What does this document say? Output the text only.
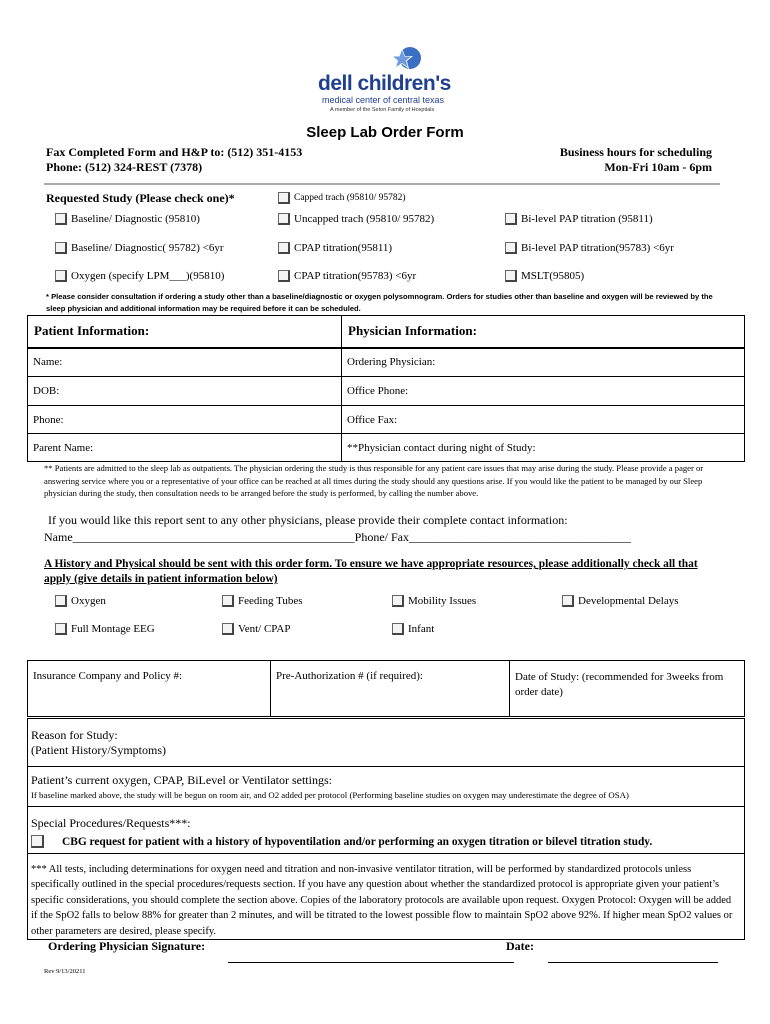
dell children's
medical center of central texas
A member of the Seton Family of Hospitals
Sleep Lab Order Form
Fax Completed Form and H&P to: (512) 351-4153
Phone: (512) 324-REST (7378)
Business hours for scheduling
Mon-Fri 10am - 6pm
Requested Study (Please check one)*	Capped trach (95810/ 95782)
Baseline/ Diagnostic (95810)	Uncapped trach (95810/ 95782)	Bi-level PAP titration (95811)
Baseline/ Diagnostic( 95782) <6yr	CPAP titration(95811)	Bi-level PAP titration(95783) <6yr
Oxygen (specify LPM___)(95810)	CPAP titration(95783) <6yr	MSLT(95805)
* Please consider consultation if ordering a study other than a baseline/diagnostic or oxygen polysomnogram. Orders for studies other than baseline and oxygen will be reviewed by the sleep physician and additional information may be required before it can be scheduled.
Patient Information:	Physician Information:
Name:	Ordering Physician:
DOB:	Office Phone:
Phone:	Office Fax:
Parent Name:	**Physician contact during night of Study:
** Patients are admitted to the sleep lab as outpatients. The physician ordering the study is thus responsible for any patient care issues that may arise during the study. Please provide a pager or answering service where you or a representative of your office can be reached at all times during the study should any questions arise. If you would like the patient to be managed by our Sleep physician during the study, then consultation needs to be arranged before the study is performed, by calling the number above.
If you would like this report sent to any other physicians, please provide their complete contact information:
Name_______________________________________________Phone/ Fax_____________________________________
A History and Physical should be sent with this order form. To ensure we have appropriate resources, please additionally check all that apply (give details in patient information below)
Oxygen	Feeding Tubes	Mobility Issues	Developmental Delays
Full Montage EEG	Vent/ CPAP	Infant
Insurance Company and Policy #:	Pre-Authorization # (if required):	Date of Study: (recommended for 3weeks from order date)
Reason for Study:
(Patient History/Symptoms)
Patient’s current oxygen, CPAP, BiLevel or Ventilator settings:
If baseline marked above, the study will be begun on room air, and O2 added per protocol (Performing baseline studies on oxygen may underestimate the degree of OSA)
Special Procedures/Requests***:
CBG request for patient with a history of hypoventilation and/or performing an oxygen titration or bilevel titration study.
*** All tests, including determinations for oxygen need and titration and non-invasive ventilator titration, will be performed by standardized protocols unless specifically outlined in the special procedures/requests section. If you have any question about whether the standardized protocol is appropriate given your patient’s specific considerations, you should complete the section above. Copies of the laboratory protocols are available upon request. Oxygen Protocol: Oxygen will be added if the SpO2 falls to below 88% for greater than 2 minutes, and will be titrated to the lowest possible flow to maintain SpO2 above 92%. If higher mean SpO2 values or other parameters are desired, please specify.
Ordering Physician Signature:	Date:
Rev 9/13/20211
